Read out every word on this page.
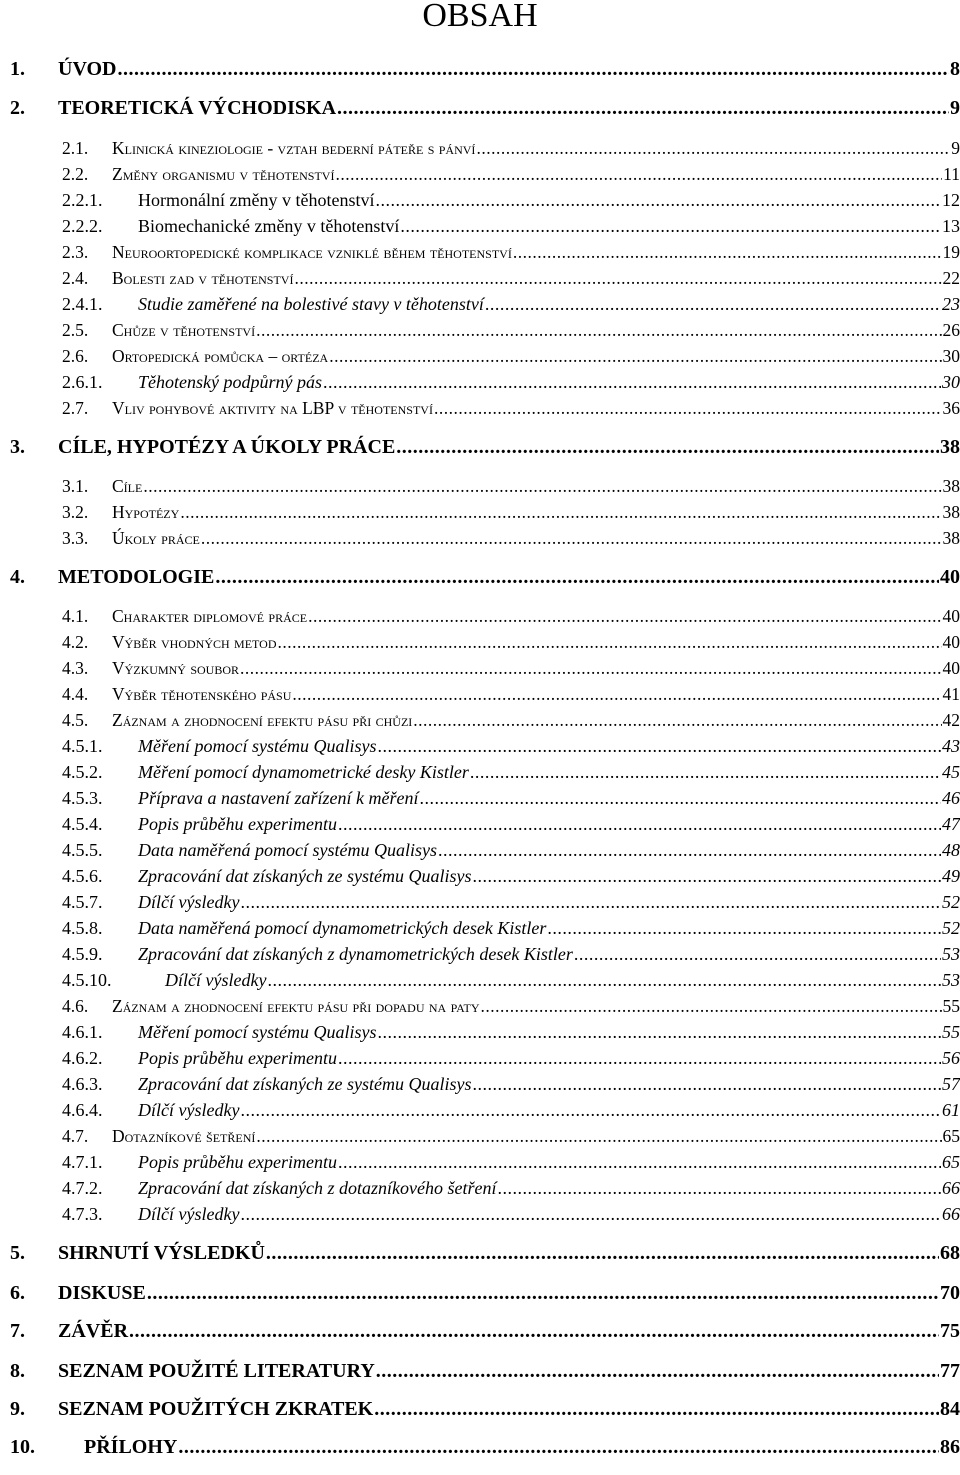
OBSAH
1.	ÚVOD .....	8
2.	TEORETICKÁ VÝCHODISKA .....	9
2.1.	Klinická kineziologie - vztah bederní páteře s pánví .....	9
2.2.	Změny organismu v těhotenství .....	11
2.2.1.	Hormonální změny v těhotenství .....	12
2.2.2.	Biomechanické změny v těhotenství .....	13
2.3.	Neuroortopedické komplikace vzniklé během těhotenství .....	19
2.4.	Bolesti zad v těhotenství .....	22
2.4.1.	Studie zaměřené na bolestivé stavy v těhotenství .....	23
2.5.	Chůze v těhotenství .....	26
2.6.	Ortopedická pomůcka – ortéza .....	30
2.6.1.	Těhotenský podpůrný pás .....	30
2.7.	Vliv pohybové aktivity na LBP v těhotenství .....	36
3.	CÍLE, HYPOTÉZY A ÚKOLY PRÁCE .....	38
3.1.	Cíle .....	38
3.2.	Hypotézy .....	38
3.3.	Úkoly práce .....	38
4.	METODOLOGIE .....	40
4.1.	Charakter diplomové práce .....	40
4.2.	Výběr vhodných metod .....	40
4.3.	Výzkumný soubor .....	40
4.4.	Výběr těhotenského pásu .....	41
4.5.	Záznam a zhodnocení efektu pásu při chůzi .....	42
4.5.1.	Měření pomocí systému Qualisys .....	43
4.5.2.	Měření pomocí dynamometrické desky Kistler .....	45
4.5.3.	Příprava a nastavení zařízení k měření .....	46
4.5.4.	Popis průběhu experimentu .....	47
4.5.5.	Data naměřená pomocí systému Qualisys .....	48
4.5.6.	Zpracování dat získaných ze systému Qualisys .....	49
4.5.7.	Dílčí výsledky .....	52
4.5.8.	Data naměřená pomocí dynamometrických desek Kistler .....	52
4.5.9.	Zpracování dat získaných z dynamometrických desek Kistler .....	53
4.5.10.	Dílčí výsledky .....	53
4.6.	Záznam a zhodnocení efektu pásu při dopadu na paty .....	55
4.6.1.	Měření pomocí systému Qualisys .....	55
4.6.2.	Popis průběhu experimentu .....	56
4.6.3.	Zpracování dat získaných ze systému Qualisys .....	57
4.6.4.	Dílčí výsledky .....	61
4.7.	Dotazníkové šetření .....	65
4.7.1.	Popis průběhu experimentu .....	65
4.7.2.	Zpracování dat získaných z dotazníkového šetření .....	66
4.7.3.	Dílčí výsledky .....	66
5.	SHRNUTÍ VÝSLEDKŮ .....	68
6.	DISKUSE .....	70
7.	ZÁVĚR .....	75
8.	SEZNAM POUŽITÉ LITERATURY .....	77
9.	SEZNAM POUŽITÝCH ZKRATEK .....	84
10.	PŘÍLOHY .....	86
